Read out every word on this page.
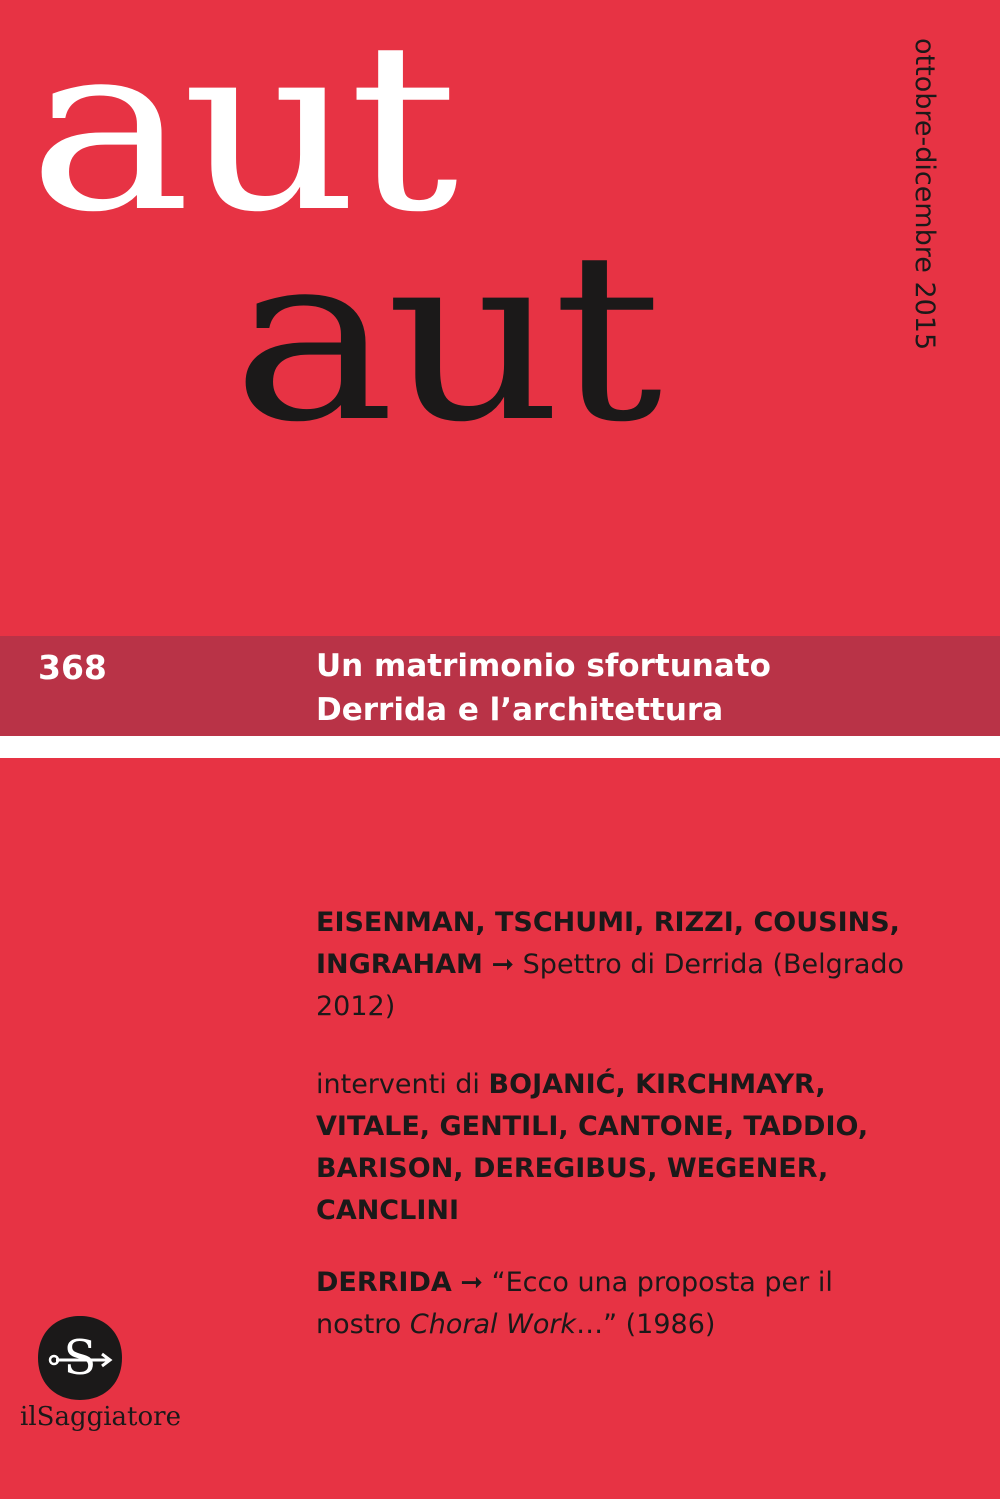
aut
aut	ottobre-dicembre 2015
368	Un matrimonio sfortunato
Derrida e l’architettura
EISENMAN, TSCHUMI, RIZZI, COUSINS, INGRAHAM ➞ Spettro di Derrida (Belgrado 2012)
interventi di BOJANIĆ, KIRCHMAYR, VITALE, GENTILI, CANTONE, TADDIO, BARISON, DEREGIBUS, WEGENER, CANCLINI
DERRIDA ➞ “Ecco una proposta per il nostro Choral Work…” (1986)
S
ilSaggiatore
